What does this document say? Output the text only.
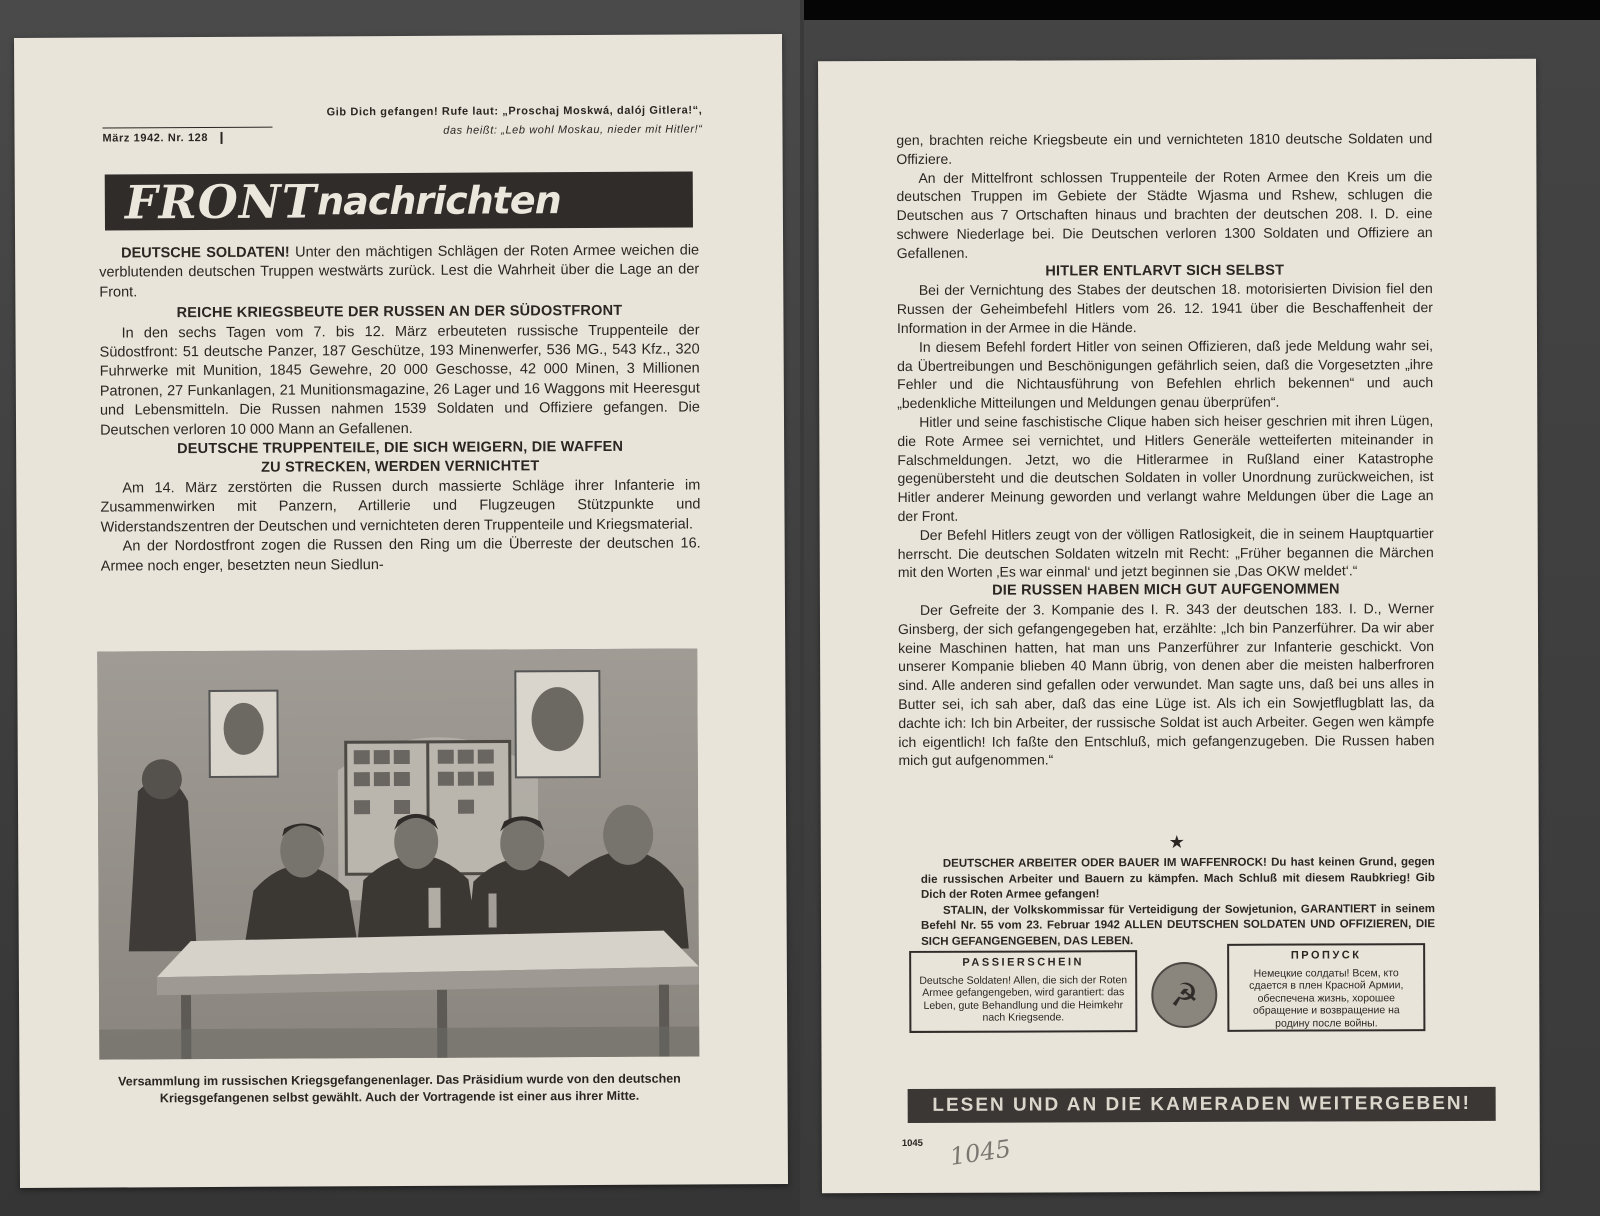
Gib Dich gefangen! Rufe laut: „Proschaj Moskwá, dalój Gitlera!“,
März 1942. Nr. 128
das heißt: „Leb wohl Moskau, nieder mit Hitler!“
FRONT nachrichten

DEUTSCHE SOLDATEN! Unter den mächtigen Schlägen der Roten Armee weichen die verblutenden deutschen Truppen westwärts zurück. Lest die Wahrheit über die Lage an der Front.

REICHE KRIEGSBEUTE DER RUSSEN AN DER SÜDOSTFRONT

In den sechs Tagen vom 7. bis 12. März erbeuteten russische Truppenteile der Südostfront: 51 deutsche Panzer, 187 Geschütze, 193 Minenwerfer, 536 MG., 543 Kfz., 320 Fuhrwerke mit Munition, 1845 Gewehre, 20 000 Geschosse, 42 000 Minen, 3 Millionen Patronen, 27 Funkanlagen, 21 Munitionsmagazine, 26 Lager und 16 Waggons mit Heeresgut und Lebensmitteln. Die Russen nahmen 1539 Soldaten und Offiziere gefangen. Die Deutschen verloren 10 000 Mann an Gefallenen.

DEUTSCHE TRUPPENTEILE, DIE SICH WEIGERN, DIE WAFFEN ZU STRECKEN, WERDEN VERNICHTET

Am 14. März zerstörten die Russen durch massierte Schläge ihrer Infanterie im Zusammenwirken mit Panzern, Artillerie und Flugzeugen Stützpunkte und Widerstandszentren der Deutschen und vernichteten deren Truppenteile und Kriegsmaterial.

An der Nordostfront zogen die Russen den Ring um die Überreste der deutschen 16. Armee noch enger, besetzten neun Siedlun-

Versammlung im russischen Kriegsgefangenenlager. Das Präsidium wurde von den deutschen Kriegsgefangenen selbst gewählt. Auch der Vortragende ist einer aus ihrer Mitte.

gen, brachten reiche Kriegsbeute ein und vernichteten 1810 deutsche Soldaten und Offiziere.

An der Mittelfront schlossen Truppenteile der Roten Armee den Kreis um die deutschen Truppen im Gebiete der Städte Wjasma und Rshew, schlugen die Deutschen aus 7 Ortschaften hinaus und brachten der deutschen 208. I. D. eine schwere Niederlage bei. Die Deutschen verloren 1300 Soldaten und Offiziere an Gefallenen.

HITLER ENTLARVT SICH SELBST

Bei der Vernichtung des Stabes der deutschen 18. motorisierten Division fiel den Russen der Geheimbefehl Hitlers vom 26. 12. 1941 über die Beschaffenheit der Information in der Armee in die Hände.

In diesem Befehl fordert Hitler von seinen Offizieren, daß jede Meldung wahr sei, da Übertreibungen und Beschönigungen gefährlich seien, daß die Vorgesetzten „ihre Fehler und die Nichtausführung von Befehlen ehrlich bekennen“ und auch „bedenkliche Mitteilungen und Meldungen genau überprüfen“.

Hitler und seine faschistische Clique haben sich heiser geschrien mit ihren Lügen, die Rote Armee sei vernichtet, und Hitlers Generäle wetteiferten miteinander in Falschmeldungen. Jetzt, wo die Hitlerarmee in Rußland einer Katastrophe gegenübersteht und die deutschen Soldaten in voller Unordnung zurückweichen, ist Hitler anderer Meinung geworden und verlangt wahre Meldungen über die Lage an der Front.

Der Befehl Hitlers zeugt von der völligen Ratlosigkeit, die in seinem Hauptquartier herrscht. Die deutschen Soldaten witzeln mit Recht: „Früher begannen die Märchen mit den Worten ‚Es war einmal‘ und jetzt beginnen sie ‚Das OKW meldet‘.“

DIE RUSSEN HABEN MICH GUT AUFGENOMMEN

Der Gefreite der 3. Kompanie des I. R. 343 der deutschen 183. I. D., Werner Ginsberg, der sich gefangengegeben hat, erzählte: „Ich bin Panzerführer. Da wir aber keine Maschinen hatten, hat man uns Panzerführer zur Infanterie geschickt. Von unserer Kompanie blieben 40 Mann übrig, von denen aber die meisten halberfroren sind. Alle anderen sind gefallen oder verwundet. Man sagte uns, daß bei uns alles in Butter sei, ich sah aber, daß das eine Lüge ist. Als ich ein Sowjetflugblatt las, da dachte ich: Ich bin Arbeiter, der russische Soldat ist auch Arbeiter. Gegen wen kämpfe ich eigentlich! Ich faßte den Entschluß, mich gefangenzugeben. Die Russen haben mich gut aufgenommen.“

★

DEUTSCHER ARBEITER ODER BAUER IM WAFFENROCK! Du hast keinen Grund, gegen die russischen Arbeiter und Bauern zu kämpfen. Mach Schluß mit diesem Raubkrieg! Gib Dich der Roten Armee gefangen!

STALIN, der Volkskommissar für Verteidigung der Sowjetunion, GARANTIERT in seinem Befehl Nr. 55 vom 23. Februar 1942 ALLEN DEUTSCHEN SOLDATEN UND OFFIZIEREN, DIE SICH GEFANGENGEBEN, DAS LEBEN.

PASSIERSCHEIN
Deutsche Soldaten! Allen, die sich der Roten Armee gefangengeben, wird garantiert: das Leben, gute Behandlung und die Heimkehr nach Kriegsende.
☭
ПРОПУСК
Немецкие солдаты! Всем, кто сдается в плен Красной Армии, обеспечена жизнь, хорошее обращение и возвращение на родину после войны.
LESEN UND AN DIE KAMERADEN WEITERGEBEN!
1045 1045
